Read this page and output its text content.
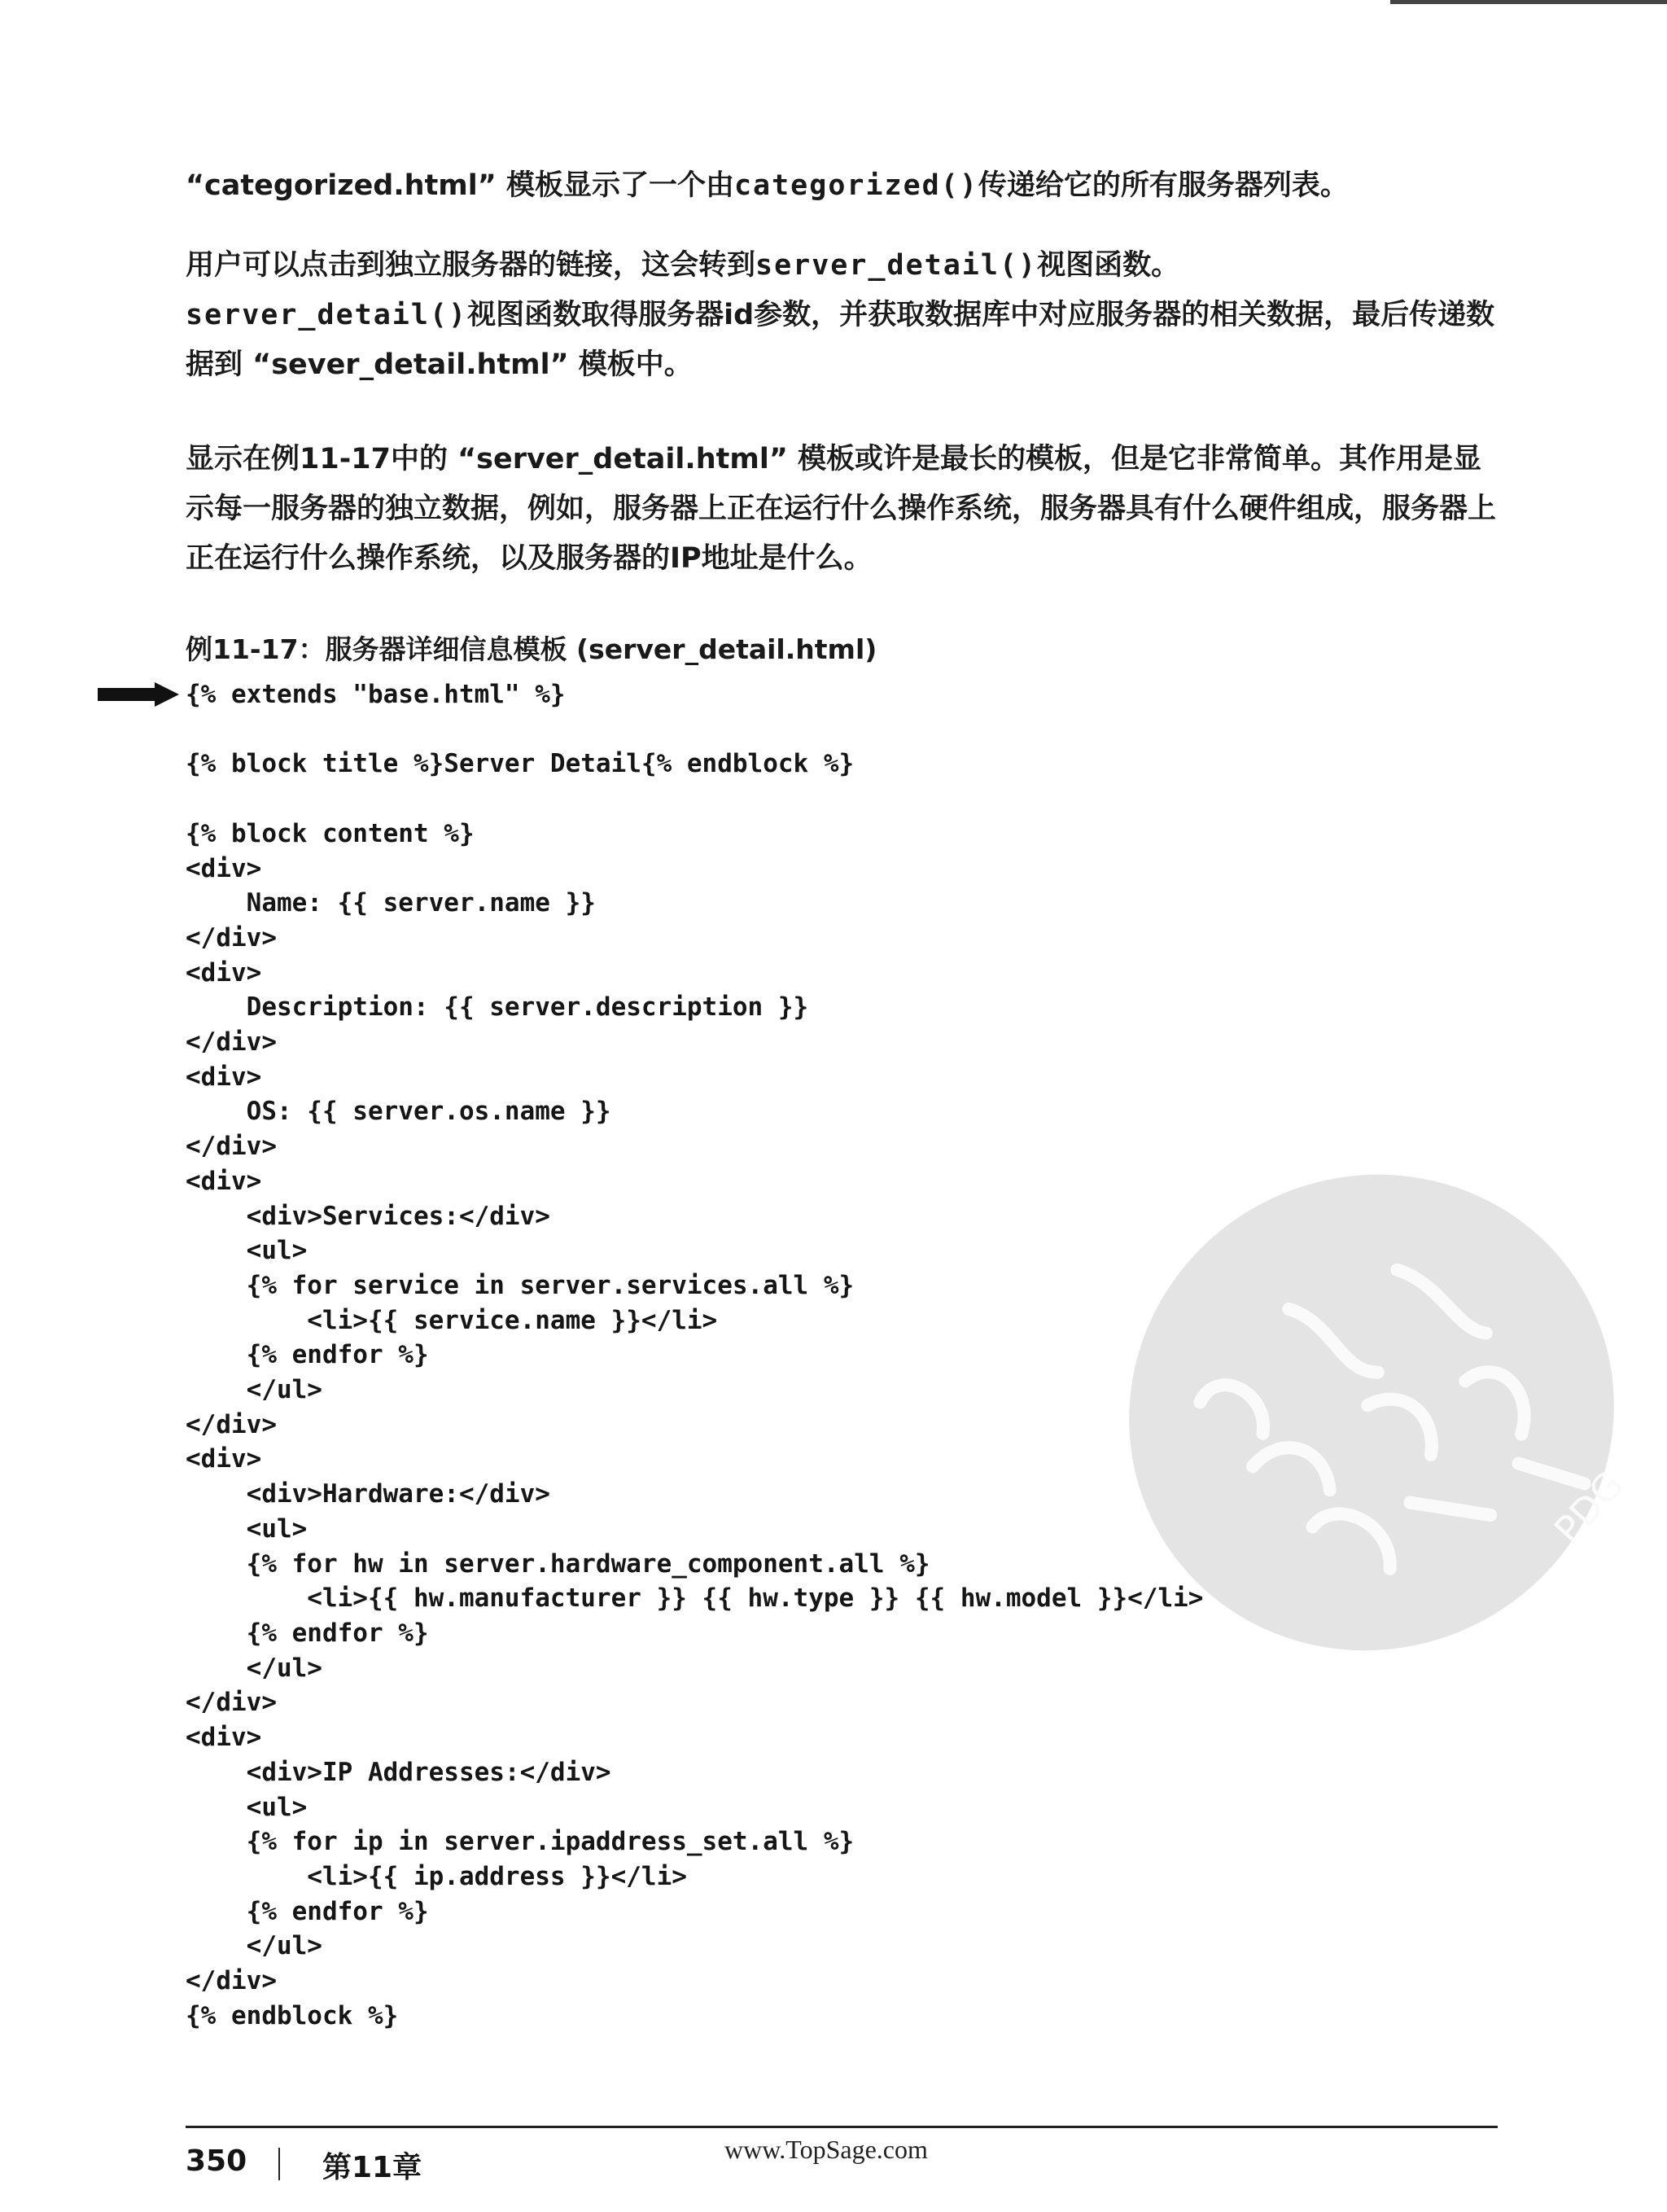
“categorized.html” 模板显示了一个由categorized()传递给它的所有服务器列表。

用户可以点击到独立服务器的链接，这会转到server_detail()视图函数。
server_detail()视图函数取得服务器id参数，并获取数据库中对应服务器的相关数据，最后传递数据到 “sever_detail.html” 模板中。

显示在例11-17中的 “server_detail.html” 模板或许是最长的模板，但是它非常简单。其作用是显示每一服务器的独立数据，例如，服务器上正在运行什么操作系统，服务器具有什么硬件组成，服务器上正在运行什么操作系统，以及服务器的IP地址是什么。

例11-17：服务器详细信息模板 (server_detail.html)

{% extends "base.html" %}

{% block title %}Server Detail{% endblock %}

{% block content %}
<div>
Name: {{ server.name }}
</div>
<div>
Description: {{ server.description }}
</div>
<div>
OS: {{ server.os.name }}
</div>
<div>
<div>Services:</div>
<ul>
{% for service in server.services.all %}
<li>{{ service.name }}</li>
{% endfor %}
</ul>
</div>
<div>
<div>Hardware:</div>
<ul>
{% for hw in server.hardware_component.all %}
<li>{{ hw.manufacturer }} {{ hw.type }} {{ hw.model }}</li>
{% endfor %}
</ul>
</div>
<div>
<div>IP Addresses:</div>
<ul>
{% for ip in server.ipaddress_set.all %}
<li>{{ ip.address }}</li>
{% endfor %}
</ul>
</div>
{% endblock %}

PDG
350	第11章
www.TopSage.com
